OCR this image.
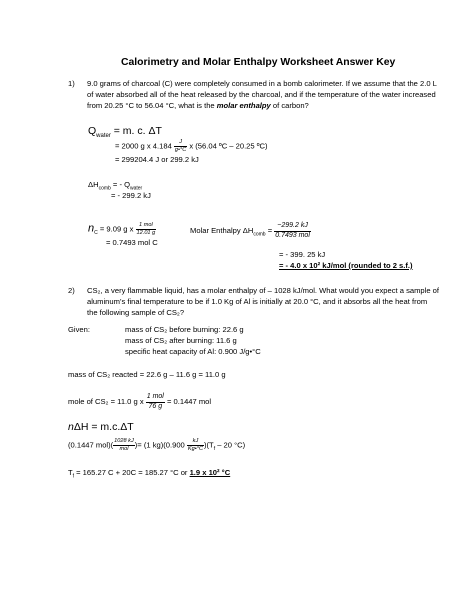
Calorimetry and Molar Enthalpy Worksheet Answer Key
1) 9.0 grams of charcoal (C) were completely consumed in a bomb calorimeter. If we assume that the 2.0 L
of water absorbed all of the heat released by the charcoal, and if the temperature of the water increased
from 20.25 °C to 56.04 °C, what is the molar enthalpy of carbon?
$Q_{water} = m$. c. ΔT
= 2000 g x $4.184 \frac{J}{g•^\circ C}$ x (56.04 ºC – 20.25 ºC)
= 299204.4 J or 299.2 kJ
$\Delta H_{comb}$ = - $Q_{water}$
= - 299.2 kJ
$n_C = 9.09$ g x $\frac{\text{1 mol}}{12.01 g}$
= 0.7493 mol C
Molar Enthalpy $\Delta H_{comb} = \frac{-299.2 kJ}{\text{0.7493 mol}}$
= - 399. 25 kJ
= - 4.0 x 10² kJ/mol (rounded to 2 s.f.)
2) CS₂, a very flammable liquid, has a molar enthalpy of – 1028 kJ/mol. What would you expect a sample of
aluminum’s final temperature to be if 1.0 Kg of Al is initially at 20.0 °C, and it absorbs all the heat from
the following sample of CS₂?
Given:	mass of CS₂ before burning: 22.6 g
mass of CS₂ after burning: 11.6 g
specific heat capacity of Al: 0.900 J/g•°C
mass of CS₂ reacted = 22.6 g – 11.6 g = 11.0 g
mole of CS₂ = 11.0 g x $\frac{\text{1 mol}}{76 g} = 0.1447$ mol
nΔH = m.c.ΔT
(0.1447 $mol)( \frac{1028 kJ}{\text{mol}}$ )= (1 $kg)(0.900 \frac{kJ}{Kg•^\circ C} )(T_f - 20$ °C)
$T_f = 165.27$ C + 20C = 185.27 °C or 1.9 x 10² °C
